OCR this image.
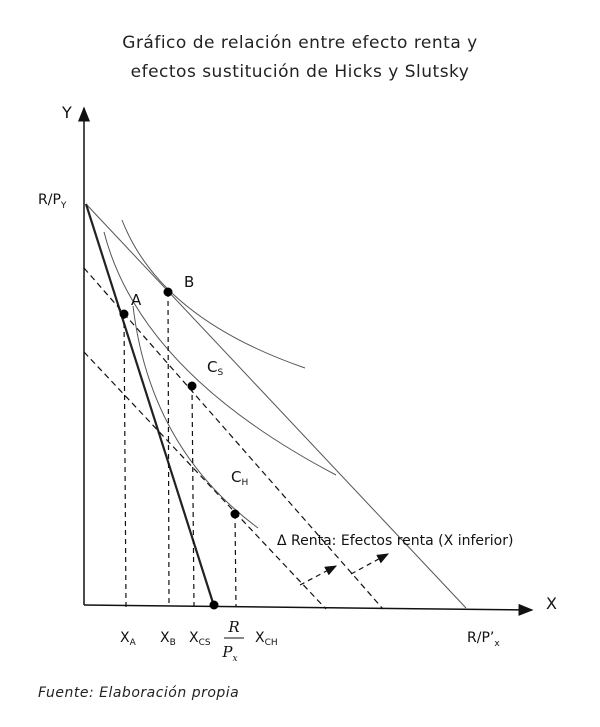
Gráfico de relación entre efecto renta y
efectos sustitución de Hicks y Slutsky
Y
X
$R/P_Y$
A
B
$C_S$
$C_H$
Δ Renta: Efectos renta (X inferior)
$X_A$ $X_B$ $X_{CS}$
R
$P_x$
$X_{CH}$	$R/P’_x$
Fuente: Elaboración propia
